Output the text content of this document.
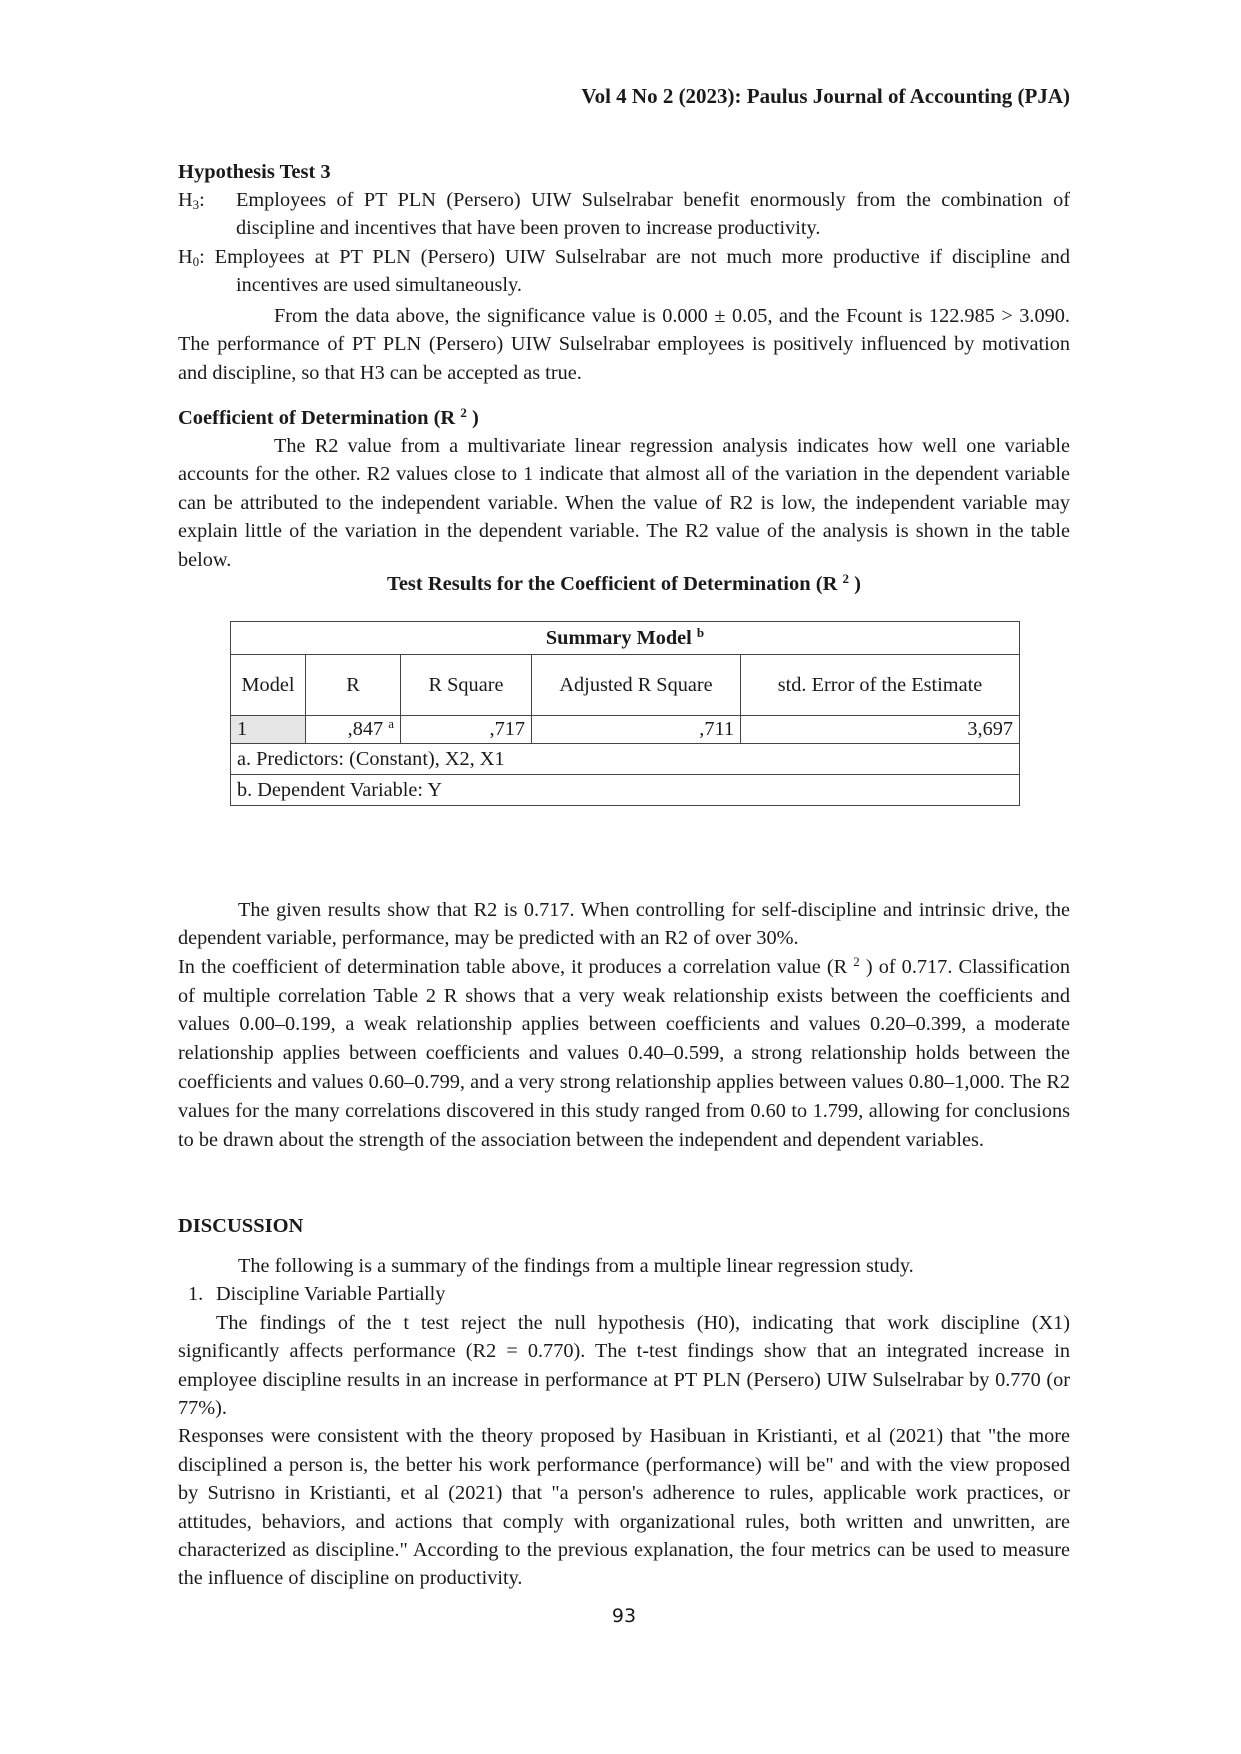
Vol 4 No 2 (2023): Paulus Journal of Accounting (PJA)
Hypothesis Test 3
$H_3$: Employees of PT PLN (Persero) UIW Sulselrabar benefit enormously from the combination of discipline and incentives that have been proven to increase productivity.
$H_0$: Employees at PT PLN (Persero) UIW Sulselrabar are not much more productive if discipline and incentives are used simultaneously.

From the data above, the significance value is 0.000 ± 0.05, and the Fcount is 122.985 > 3.090. The performance of PT PLN (Persero) UIW Sulselrabar employees is positively influenced by motivation and discipline, so that H3 can be accepted as true.

Coefficient of Determination (R $^2$ )

The R2 value from a multivariate linear regression analysis indicates how well one variable accounts for the other. R2 values close to 1 indicate that almost all of the variation in the dependent variable can be attributed to the independent variable. When the value of R2 is low, the independent variable may explain little of the variation in the dependent variable. The R2 value of the analysis is shown in the table below.

Test Results for the Coefficient of Determination (R $^2$ )
Summary Model $^b$
Model	R	R Square	Adjusted R Square	std. Error of the Estimate
1	,847 $^a$	,717	,711	3,697
a. Predictors: (Constant), X2, X1				
b. Dependent Variable: Y				

The given results show that R2 is 0.717. When controlling for self-discipline and intrinsic drive, the dependent variable, performance, may be predicted with an R2 of over 30%.

In the coefficient of determination table above, it produces a correlation value (R $^2$ ) of 0.717. Classification of multiple correlation Table 2 R shows that a very weak relationship exists between the coefficients and values 0.00–0.199, a weak relationship applies between coefficients and values 0.20–0.399, a moderate relationship applies between coefficients and values 0.40–0.599, a strong relationship holds between the coefficients and values 0.60–0.799, and a very strong relationship applies between values 0.80–1,000. The R2 values for the many correlations discovered in this study ranged from 0.60 to 1.799, allowing for conclusions to be drawn about the strength of the association between the independent and dependent variables.

DISCUSSION

The following is a summary of the findings from a multiple linear regression study.

1. Discipline Variable Partially

The findings of the t test reject the null hypothesis (H0), indicating that work discipline (X1) significantly affects performance (R2 = 0.770). The t-test findings show that an integrated increase in employee discipline results in an increase in performance at PT PLN (Persero) UIW Sulselrabar by 0.770 (or 77%).

Responses were consistent with the theory proposed by Hasibuan in Kristianti, et al (2021) that "the more disciplined a person is, the better his work performance (performance) will be" and with the view proposed by Sutrisno in Kristianti, et al (2021) that "a person's adherence to rules, applicable work practices, or attitudes, behaviors, and actions that comply with organizational rules, both written and unwritten, are characterized as discipline." According to the previous explanation, the four metrics can be used to measure the influence of discipline on productivity.

93
